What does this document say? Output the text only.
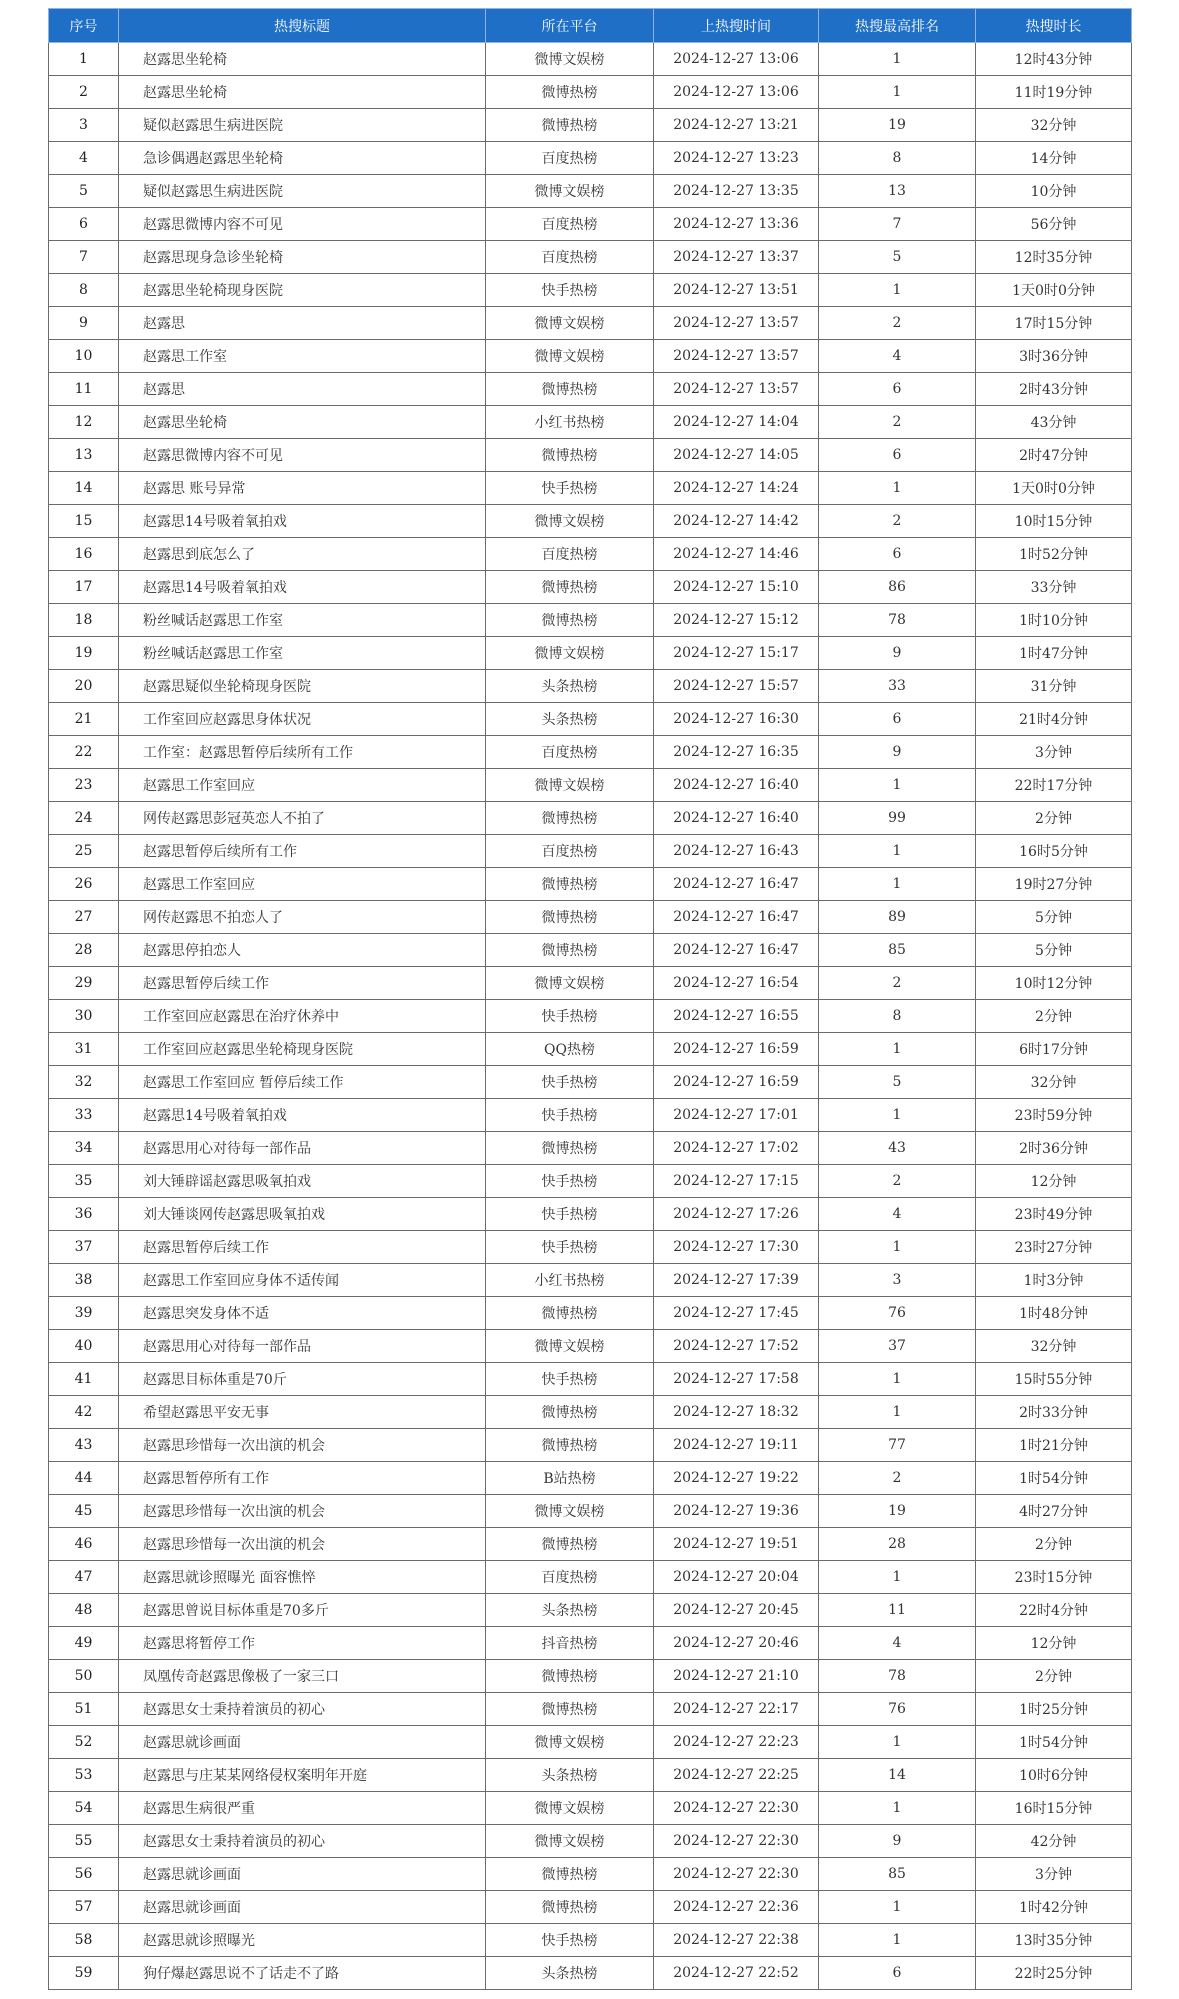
序号	热搜标题	所在平台	上热搜时间	热搜最高排名	热搜时长
1	赵露思坐轮椅	微博文娱榜	2024-12-27 13:06	1	12时43分钟
2	赵露思坐轮椅	微博热榜	2024-12-27 13:06	1	11时19分钟
3	疑似赵露思生病进医院	微博热榜	2024-12-27 13:21	19	32分钟
4	急诊偶遇赵露思坐轮椅	百度热榜	2024-12-27 13:23	8	14分钟
5	疑似赵露思生病进医院	微博文娱榜	2024-12-27 13:35	13	10分钟
6	赵露思微博内容不可见	百度热榜	2024-12-27 13:36	7	56分钟
7	赵露思现身急诊坐轮椅	百度热榜	2024-12-27 13:37	5	12时35分钟
8	赵露思坐轮椅现身医院	快手热榜	2024-12-27 13:51	1	1天0时0分钟
9	赵露思	微博文娱榜	2024-12-27 13:57	2	17时15分钟
10	赵露思工作室	微博文娱榜	2024-12-27 13:57	4	3时36分钟
11	赵露思	微博热榜	2024-12-27 13:57	6	2时43分钟
12	赵露思坐轮椅	小红书热榜	2024-12-27 14:04	2	43分钟
13	赵露思微博内容不可见	微博热榜	2024-12-27 14:05	6	2时47分钟
14	赵露思 账号异常	快手热榜	2024-12-27 14:24	1	1天0时0分钟
15	赵露思14号吸着氧拍戏	微博文娱榜	2024-12-27 14:42	2	10时15分钟
16	赵露思到底怎么了	百度热榜	2024-12-27 14:46	6	1时52分钟
17	赵露思14号吸着氧拍戏	微博热榜	2024-12-27 15:10	86	33分钟
18	粉丝喊话赵露思工作室	微博热榜	2024-12-27 15:12	78	1时10分钟
19	粉丝喊话赵露思工作室	微博文娱榜	2024-12-27 15:17	9	1时47分钟
20	赵露思疑似坐轮椅现身医院	头条热榜	2024-12-27 15:57	33	31分钟
21	工作室回应赵露思身体状况	头条热榜	2024-12-27 16:30	6	21时4分钟
22	工作室：赵露思暂停后续所有工作	百度热榜	2024-12-27 16:35	9	3分钟
23	赵露思工作室回应	微博文娱榜	2024-12-27 16:40	1	22时17分钟
24	网传赵露思彭冠英恋人不拍了	微博热榜	2024-12-27 16:40	99	2分钟
25	赵露思暂停后续所有工作	百度热榜	2024-12-27 16:43	1	16时5分钟
26	赵露思工作室回应	微博热榜	2024-12-27 16:47	1	19时27分钟
27	网传赵露思不拍恋人了	微博热榜	2024-12-27 16:47	89	5分钟
28	赵露思停拍恋人	微博热榜	2024-12-27 16:47	85	5分钟
29	赵露思暂停后续工作	微博文娱榜	2024-12-27 16:54	2	10时12分钟
30	工作室回应赵露思在治疗休养中	快手热榜	2024-12-27 16:55	8	2分钟
31	工作室回应赵露思坐轮椅现身医院	QQ热榜	2024-12-27 16:59	1	6时17分钟
32	赵露思工作室回应 暂停后续工作	快手热榜	2024-12-27 16:59	5	32分钟
33	赵露思14号吸着氧拍戏	快手热榜	2024-12-27 17:01	1	23时59分钟
34	赵露思用心对待每一部作品	微博热榜	2024-12-27 17:02	43	2时36分钟
35	刘大锤辟谣赵露思吸氧拍戏	快手热榜	2024-12-27 17:15	2	12分钟
36	刘大锤谈网传赵露思吸氧拍戏	快手热榜	2024-12-27 17:26	4	23时49分钟
37	赵露思暂停后续工作	快手热榜	2024-12-27 17:30	1	23时27分钟
38	赵露思工作室回应身体不适传闻	小红书热榜	2024-12-27 17:39	3	1时3分钟
39	赵露思突发身体不适	微博热榜	2024-12-27 17:45	76	1时48分钟
40	赵露思用心对待每一部作品	微博文娱榜	2024-12-27 17:52	37	32分钟
41	赵露思目标体重是70斤	快手热榜	2024-12-27 17:58	1	15时55分钟
42	希望赵露思平安无事	微博热榜	2024-12-27 18:32	1	2时33分钟
43	赵露思珍惜每一次出演的机会	微博热榜	2024-12-27 19:11	77	1时21分钟
44	赵露思暂停所有工作	B站热榜	2024-12-27 19:22	2	1时54分钟
45	赵露思珍惜每一次出演的机会	微博文娱榜	2024-12-27 19:36	19	4时27分钟
46	赵露思珍惜每一次出演的机会	微博热榜	2024-12-27 19:51	28	2分钟
47	赵露思就诊照曝光 面容憔悴	百度热榜	2024-12-27 20:04	1	23时15分钟
48	赵露思曾说目标体重是70多斤	头条热榜	2024-12-27 20:45	11	22时4分钟
49	赵露思将暂停工作	抖音热榜	2024-12-27 20:46	4	12分钟
50	凤凰传奇赵露思像极了一家三口	微博热榜	2024-12-27 21:10	78	2分钟
51	赵露思女士秉持着演员的初心	微博热榜	2024-12-27 22:17	76	1时25分钟
52	赵露思就诊画面	微博文娱榜	2024-12-27 22:23	1	1时54分钟
53	赵露思与庄某某网络侵权案明年开庭	头条热榜	2024-12-27 22:25	14	10时6分钟
54	赵露思生病很严重	微博文娱榜	2024-12-27 22:30	1	16时15分钟
55	赵露思女士秉持着演员的初心	微博文娱榜	2024-12-27 22:30	9	42分钟
56	赵露思就诊画面	微博热榜	2024-12-27 22:30	85	3分钟
57	赵露思就诊画面	微博热榜	2024-12-27 22:36	1	1时42分钟
58	赵露思就诊照曝光	快手热榜	2024-12-27 22:38	1	13时35分钟
59	狗仔爆赵露思说不了话走不了路	头条热榜	2024-12-27 22:52	6	22时25分钟
